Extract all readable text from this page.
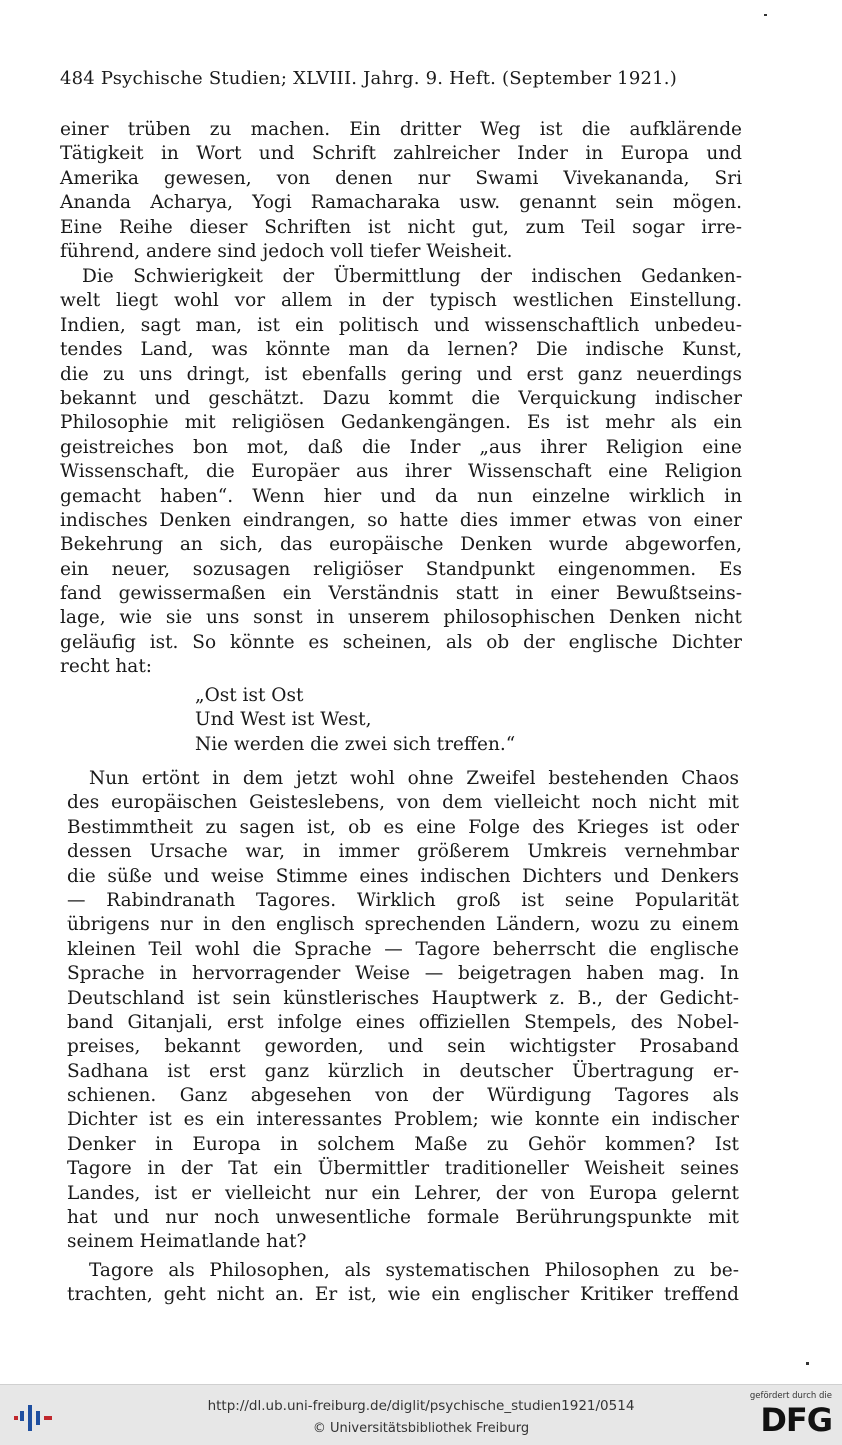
484 Psychische Studien; XLVIII. Jahrg. 9. Heft. (September 1921.)
einer trüben zu machen. Ein dritter Weg ist die aufklärende
Tätigkeit in Wort und Schrift zahlreicher Inder in Europa und
Amerika gewesen, von denen nur Swami Vivekananda, Sri
Ananda Acharya, Yogi Ramacharaka usw. genannt sein mögen.
Eine Reihe dieser Schriften ist nicht gut, zum Teil sogar irre-
führend, andere sind jedoch voll tiefer Weisheit.
Die Schwierigkeit der Übermittlung der indischen Gedanken-
welt liegt wohl vor allem in der typisch westlichen Einstellung.
Indien, sagt man, ist ein politisch und wissenschaftlich unbedeu-
tendes Land, was könnte man da lernen? Die indische Kunst,
die zu uns dringt, ist ebenfalls gering und erst ganz neuerdings
bekannt und geschätzt. Dazu kommt die Verquickung indischer
Philosophie mit religiösen Gedankengängen. Es ist mehr als ein
geistreiches bon mot, daß die Inder „aus ihrer Religion eine
Wissenschaft, die Europäer aus ihrer Wissenschaft eine Religion
gemacht haben“. Wenn hier und da nun einzelne wirklich in
indisches Denken eindrangen, so hatte dies immer etwas von einer
Bekehrung an sich, das europäische Denken wurde abgeworfen,
ein neuer, sozusagen religiöser Standpunkt eingenommen. Es
fand gewissermaßen ein Verständnis statt in einer Bewußtseins-
lage, wie sie uns sonst in unserem philosophischen Denken nicht
geläufig ist. So könnte es scheinen, als ob der englische Dichter
recht hat:
„Ost ist Ost
Und West ist West,
Nie werden die zwei sich treffen.“
Nun ertönt in dem jetzt wohl ohne Zweifel bestehenden Chaos
des europäischen Geisteslebens, von dem vielleicht noch nicht mit
Bestimmtheit zu sagen ist, ob es eine Folge des Krieges ist oder
dessen Ursache war, in immer größerem Umkreis vernehmbar
die süße und weise Stimme eines indischen Dichters und Denkers
— Rabindranath Tagores. Wirklich groß ist seine Popularität
übrigens nur in den englisch sprechenden Ländern, wozu zu einem
kleinen Teil wohl die Sprache — Tagore beherrscht die englische
Sprache in hervorragender Weise — beigetragen haben mag. In
Deutschland ist sein künstlerisches Hauptwerk z. B., der Gedicht-
band Gitanjali, erst infolge eines offiziellen Stempels, des Nobel-
preises, bekannt geworden, und sein wichtigster Prosaband
Sadhana ist erst ganz kürzlich in deutscher Übertragung er-
schienen. Ganz abgesehen von der Würdigung Tagores als
Dichter ist es ein interessantes Problem; wie konnte ein indischer
Denker in Europa in solchem Maße zu Gehör kommen? Ist
Tagore in der Tat ein Übermittler traditioneller Weisheit seines
Landes, ist er vielleicht nur ein Lehrer, der von Europa gelernt
hat und nur noch unwesentliche formale Berührungspunkte mit
seinem Heimatlande hat?
Tagore als Philosophen, als systematischen Philosophen zu be-
trachten, geht nicht an. Er ist, wie ein englischer Kritiker treffend
http://dl.ub.uni-freiburg.de/diglit/psychische_studien1921/0514
© Universitätsbibliothek Freiburg
gefördert durch die
DFG
